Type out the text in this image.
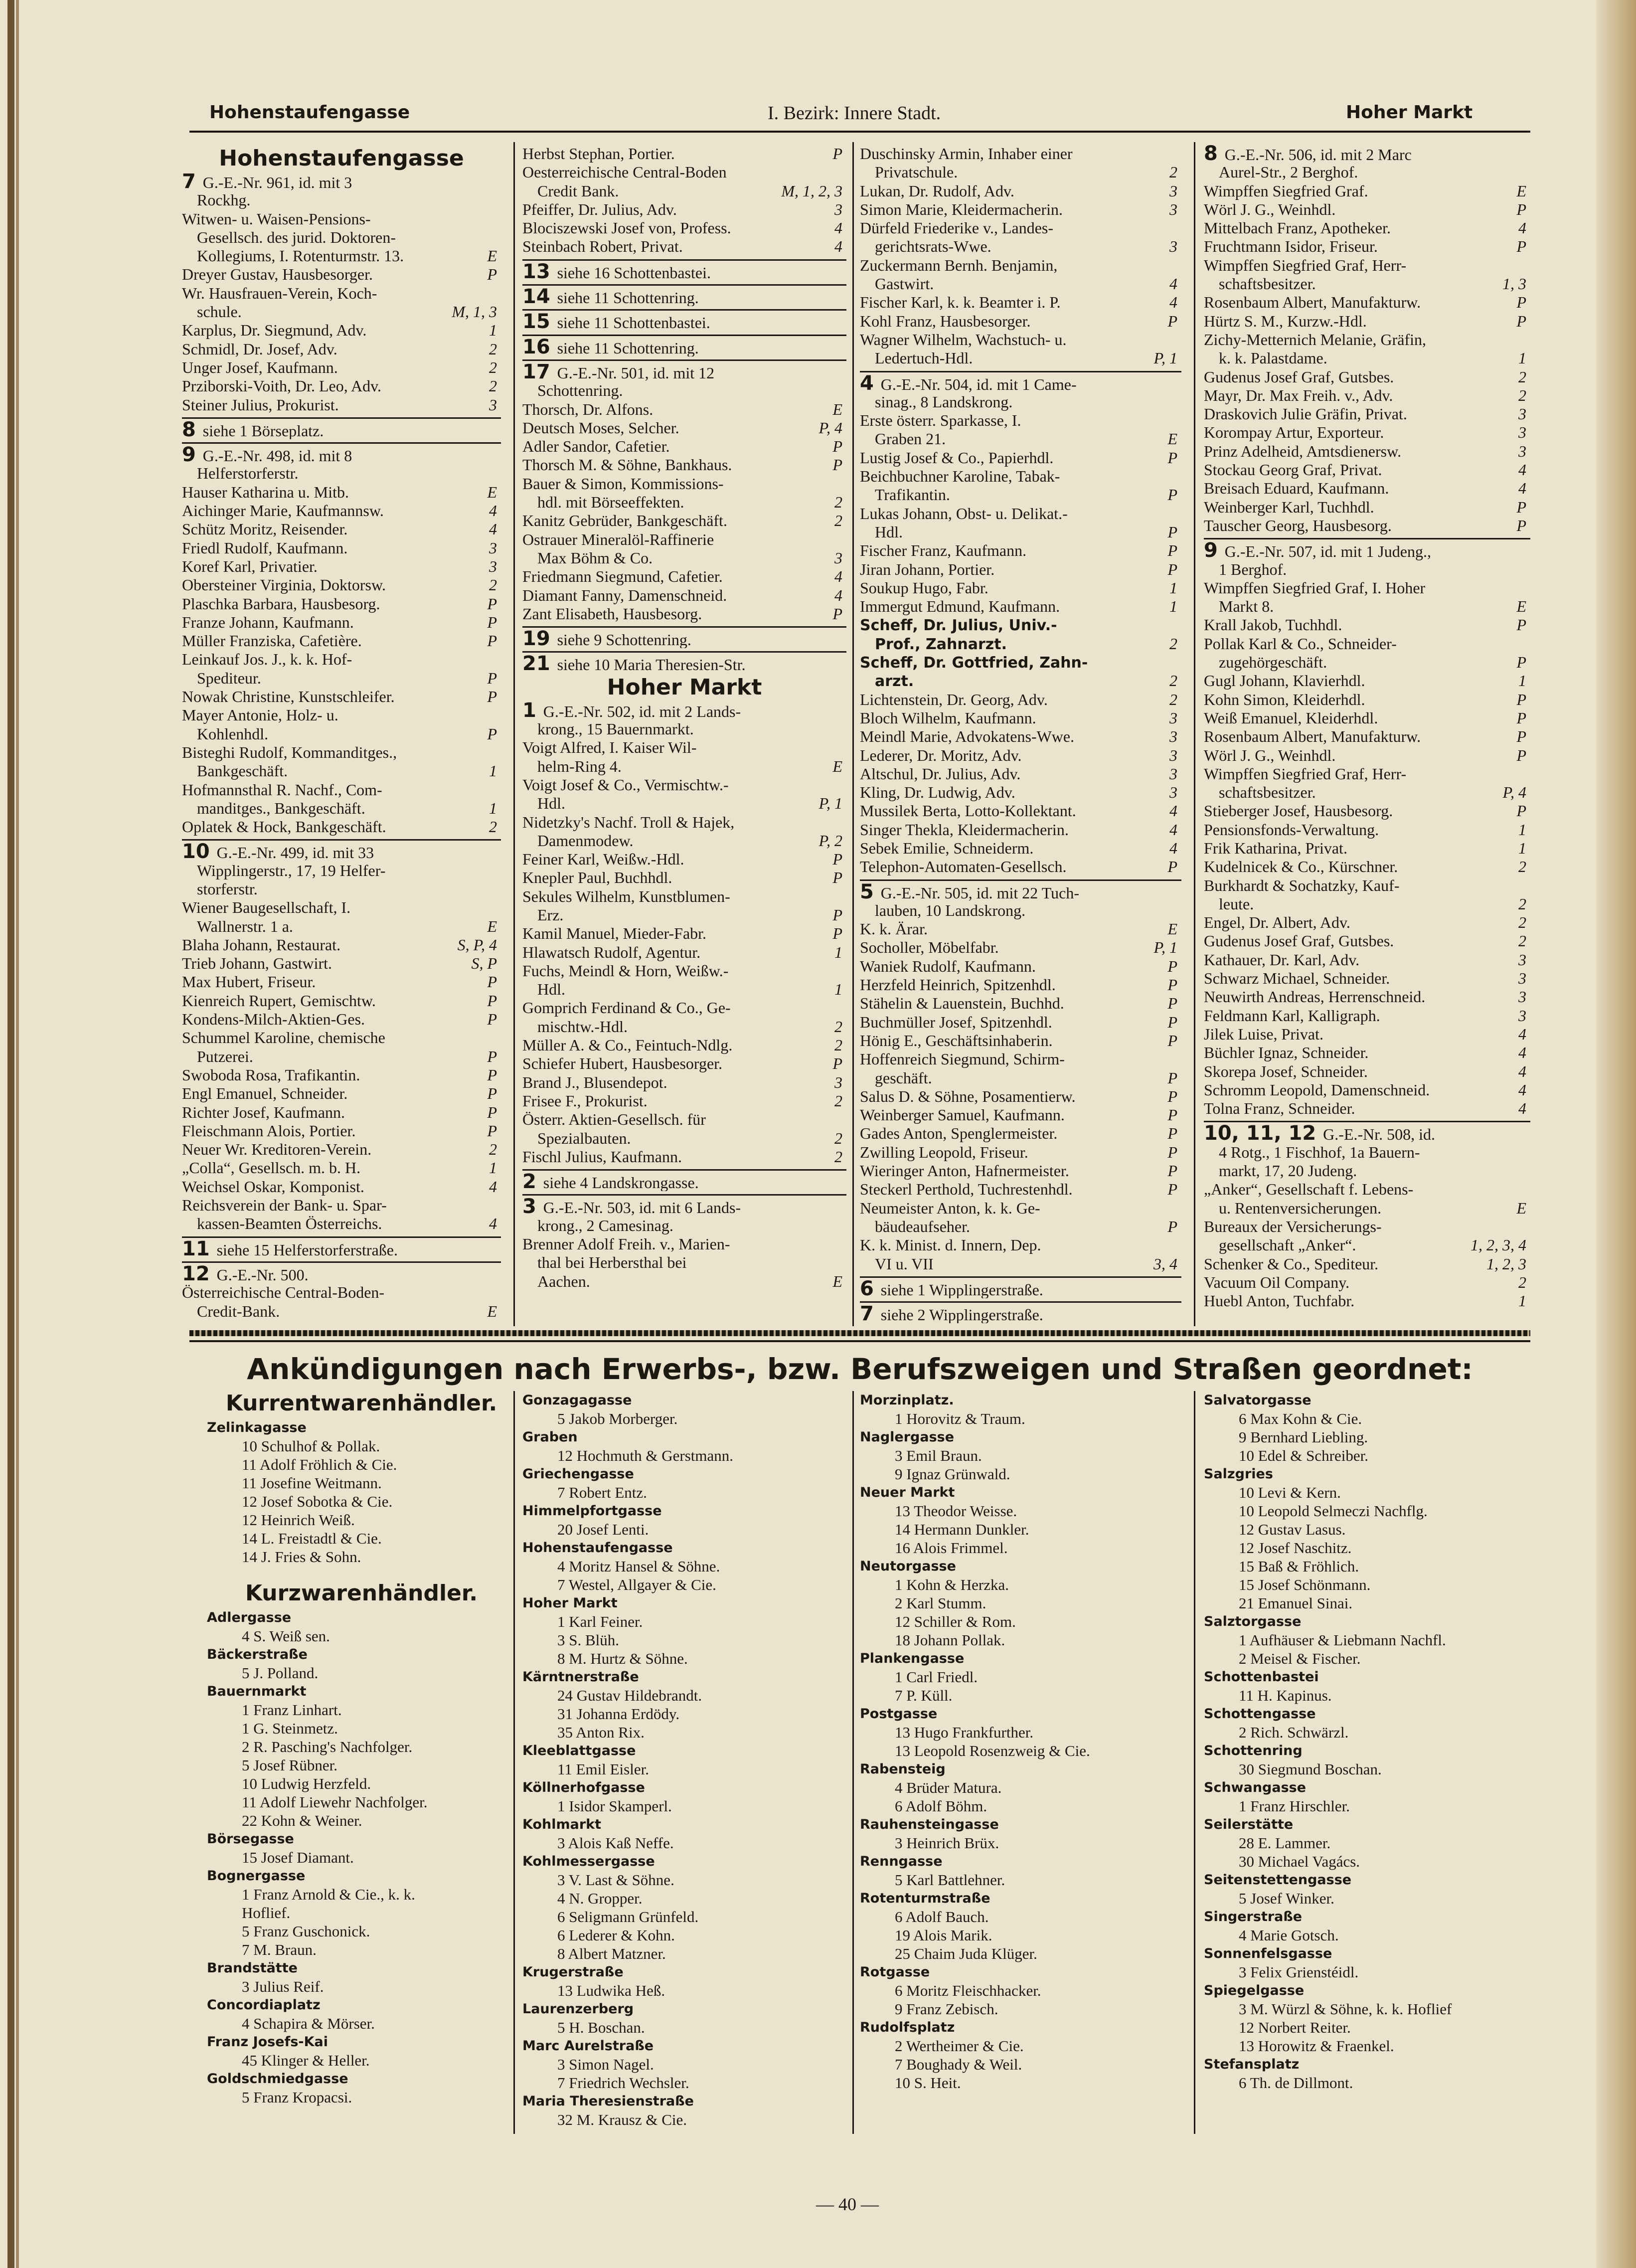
Hohenstaufengasse	I. Bezirk: Innere Stadt.	Hoher Markt
Hohenstaufengasse
7 G.-E.-Nr. 961, id. mit 3
Rockhg.
Witwen- u. Waisen-Pensions-
Gesellsch. des jurid. Doktoren-
Kollegiums, I. Rotenturmstr. 13.	E
Dreyer Gustav, Hausbesorger.	P
Wr. Hausfrauen-Verein, Koch-
schule.	M, 1, 3
Karplus, Dr. Siegmund, Adv.	1
Schmidl, Dr. Josef, Adv.	2
Unger Josef, Kaufmann.	2
Prziborski-Voith, Dr. Leo, Adv.	2
Steiner Julius, Prokurist.	3
8 siehe 1 Börseplatz.
9 G.-E.-Nr. 498, id. mit 8
Helferstorferstr.
Hauser Katharina u. Mitb.	E
Aichinger Marie, Kaufmannsw.	4
Schütz Moritz, Reisender.	4
Friedl Rudolf, Kaufmann.	3
Koref Karl, Privatier.	3
Obersteiner Virginia, Doktorsw.	2
Plaschka Barbara, Hausbesorg.	P
Franze Johann, Kaufmann.	P
Müller Franziska, Cafetière.	P
Leinkauf Jos. J., k. k. Hof-
Spediteur.	P
Nowak Christine, Kunstschleifer.	P
Mayer Antonie, Holz- u.
Kohlenhdl.	P
Bisteghi Rudolf, Kommanditges.,
Bankgeschäft.	1
Hofmannsthal R. Nachf., Com-
manditges., Bankgeschäft.	1
Oplatek & Hock, Bankgeschäft.	2
10 G.-E.-Nr. 499, id. mit 33
Wipplingerstr., 17, 19 Helfer-
storferstr.
Wiener Baugesellschaft, I.
Wallnerstr. 1 a.	E
Blaha Johann, Restaurat.	S, P, 4
Trieb Johann, Gastwirt.	S, P
Max Hubert, Friseur.	P
Kienreich Rupert, Gemischtw.	P
Kondens-Milch-Aktien-Ges.	P
Schummel Karoline, chemische
Putzerei.	P
Swoboda Rosa, Trafikantin.	P
Engl Emanuel, Schneider.	P
Richter Josef, Kaufmann.	P
Fleischmann Alois, Portier.	P
Neuer Wr. Kreditoren-Verein.	2
„Colla“, Gesellsch. m. b. H.	1
Weichsel Oskar, Komponist.	4
Reichsverein der Bank- u. Spar-
kassen-Beamten Österreichs.	4
11 siehe 15 Helferstorferstraße.
12 G.-E.-Nr. 500.
Österreichische Central-Boden-
Credit-Bank.	E
Herbst Stephan, Portier.	P
Oesterreichische Central-Boden
Credit Bank.	M, 1, 2, 3
Pfeiffer, Dr. Julius, Adv.	3
Blociszewski Josef von, Profess.	4
Steinbach Robert, Privat.	4
13 siehe 16 Schottenbastei.
14 siehe 11 Schottenring.
15 siehe 11 Schottenbastei.
16 siehe 11 Schottenring.
17 G.-E.-Nr. 501, id. mit 12
Schottenring.
Thorsch, Dr. Alfons.	E
Deutsch Moses, Selcher.	P, 4
Adler Sandor, Cafetier.	P
Thorsch M. & Söhne, Bankhaus.	P
Bauer & Simon, Kommissions-
hdl. mit Börseeffekten.	2
Kanitz Gebrüder, Bankgeschäft.	2
Ostrauer Mineralöl-Raffinerie
Max Böhm & Co.	3
Friedmann Siegmund, Cafetier.	4
Diamant Fanny, Damenschneid.	4
Zant Elisabeth, Hausbesorg.	P
19 siehe 9 Schottenring.
21 siehe 10 Maria Theresien-Str.
Hoher Markt
1 G.-E.-Nr. 502, id. mit 2 Lands-
krong., 15 Bauernmarkt.
Voigt Alfred, I. Kaiser Wil-
helm-Ring 4.	E
Voigt Josef & Co., Vermischtw.-
Hdl.	P, 1
Nidetzky's Nachf. Troll & Hajek,
Damenmodew.	P, 2
Feiner Karl, Weißw.-Hdl.	P
Knepler Paul, Buchhdl.	P
Sekules Wilhelm, Kunstblumen-
Erz.	P
Kamil Manuel, Mieder-Fabr.	P
Hlawatsch Rudolf, Agentur.	1
Fuchs, Meindl & Horn, Weißw.-
Hdl.	1
Gomprich Ferdinand & Co., Ge-
mischtw.-Hdl.	2
Müller A. & Co., Feintuch-Ndlg.	2
Schiefer Hubert, Hausbesorger.	P
Brand J., Blusendepot.	3
Frisee F., Prokurist.	2
Österr. Aktien-Gesellsch. für
Spezialbauten.	2
Fischl Julius, Kaufmann.	2
2 siehe 4 Landskrongasse.
3 G.-E.-Nr. 503, id. mit 6 Lands-
krong., 2 Camesinag.
Brenner Adolf Freih. v., Marien-
thal bei Herbersthal bei
Aachen.	E
Duschinsky Armin, Inhaber einer
Privatschule.	2
Lukan, Dr. Rudolf, Adv.	3
Simon Marie, Kleidermacherin.	3
Dürfeld Friederike v., Landes-
gerichtsrats-Wwe.	3
Zuckermann Bernh. Benjamin,
Gastwirt.	4
Fischer Karl, k. k. Beamter i. P.	4
Kohl Franz, Hausbesorger.	P
Wagner Wilhelm, Wachstuch- u.
Ledertuch-Hdl.	P, 1
4 G.-E.-Nr. 504, id. mit 1 Came-
sinag., 8 Landskrong.
Erste österr. Sparkasse, I.
Graben 21.	E
Lustig Josef & Co., Papierhdl.	P
Beichbuchner Karoline, Tabak-
Trafikantin.	P
Lukas Johann, Obst- u. Delikat.-
Hdl.	P
Fischer Franz, Kaufmann.	P
Jiran Johann, Portier.	P
Soukup Hugo, Fabr.	1
Immergut Edmund, Kaufmann.	1
Scheff, Dr. Julius, Univ.-
Prof., Zahnarzt.	2
Scheff, Dr. Gottfried, Zahn-
arzt.	2
Lichtenstein, Dr. Georg, Adv.	2
Bloch Wilhelm, Kaufmann.	3
Meindl Marie, Advokatens-Wwe.	3
Lederer, Dr. Moritz, Adv.	3
Altschul, Dr. Julius, Adv.	3
Kling, Dr. Ludwig, Adv.	3
Mussilek Berta, Lotto-Kollektant.	4
Singer Thekla, Kleidermacherin.	4
Sebek Emilie, Schneiderm.	4
Telephon-Automaten-Gesellsch.	P
5 G.-E.-Nr. 505, id. mit 22 Tuch-
lauben, 10 Landskrong.
K. k. Ärar.	E
Socholler, Möbelfabr.	P, 1
Waniek Rudolf, Kaufmann.	P
Herzfeld Heinrich, Spitzenhdl.	P
Stähelin & Lauenstein, Buchhd.	P
Buchmüller Josef, Spitzenhdl.	P
Hönig E., Geschäftsinhaberin.	P
Hoffenreich Siegmund, Schirm-
geschäft.	P
Salus D. & Söhne, Posamentierw.	P
Weinberger Samuel, Kaufmann.	P
Gades Anton, Spenglermeister.	P
Zwilling Leopold, Friseur.	P
Wieringer Anton, Hafnermeister.	P
Steckerl Perthold, Tuchrestenhdl.	P
Neumeister Anton, k. k. Ge-
bäudeaufseher.	P
K. k. Minist. d. Innern, Dep.
VI u. VII	3, 4
6 siehe 1 Wipplingerstraße.
7 siehe 2 Wipplingerstraße.
8 G.-E.-Nr. 506, id. mit 2 Marc
Aurel-Str., 2 Berghof.
Wimpffen Siegfried Graf.	E
Wörl J. G., Weinhdl.	P
Mittelbach Franz, Apotheker.	4
Fruchtmann Isidor, Friseur.	P
Wimpffen Siegfried Graf, Herr-
schaftsbesitzer.	1, 3
Rosenbaum Albert, Manufakturw.	P
Hürtz S. M., Kurzw.-Hdl.	P
Zichy-Metternich Melanie, Gräfin,
k. k. Palastdame.	1
Gudenus Josef Graf, Gutsbes.	2
Mayr, Dr. Max Freih. v., Adv.	2
Draskovich Julie Gräfin, Privat.	3
Korompay Artur, Exporteur.	3
Prinz Adelheid, Amtsdienersw.	3
Stockau Georg Graf, Privat.	4
Breisach Eduard, Kaufmann.	4
Weinberger Karl, Tuchhdl.	P
Tauscher Georg, Hausbesorg.	P
9 G.-E.-Nr. 507, id. mit 1 Judeng.,
1 Berghof.
Wimpffen Siegfried Graf, I. Hoher
Markt 8.	E
Krall Jakob, Tuchhdl.	P
Pollak Karl & Co., Schneider-
zugehörgeschäft.	P
Gugl Johann, Klavierhdl.	1
Kohn Simon, Kleiderhdl.	P
Weiß Emanuel, Kleiderhdl.	P
Rosenbaum Albert, Manufakturw.	P
Wörl J. G., Weinhdl.	P
Wimpffen Siegfried Graf, Herr-
schaftsbesitzer.	P, 4
Stieberger Josef, Hausbesorg.	P
Pensionsfonds-Verwaltung.	1
Frik Katharina, Privat.	1
Kudelnicek & Co., Kürschner.	2
Burkhardt & Sochatzky, Kauf-
leute.	2
Engel, Dr. Albert, Adv.	2
Gudenus Josef Graf, Gutsbes.	2
Kathauer, Dr. Karl, Adv.	3
Schwarz Michael, Schneider.	3
Neuwirth Andreas, Herrenschneid.	3
Feldmann Karl, Kalligraph.	3
Jilek Luise, Privat.	4
Büchler Ignaz, Schneider.	4
Skorepa Josef, Schneider.	4
Schromm Leopold, Damenschneid.	4
Tolna Franz, Schneider.	4
10, 11, 12 G.-E.-Nr. 508, id.
4 Rotg., 1 Fischhof, 1a Bauern-
markt, 17, 20 Judeng.
„Anker“, Gesellschaft f. Lebens-
u. Rentenversicherungen.	E
Bureaux der Versicherungs-
gesellschaft „Anker“.	1, 2, 3, 4
Schenker & Co., Spediteur.	1, 2, 3
Vacuum Oil Company.	2
Huebl Anton, Tuchfabr.	1
Ankündigungen nach Erwerbs-, bzw. Berufszweigen und Straßen geordnet:
Kurrentwarenhändler.
Zelinkagasse
10 Schulhof & Pollak.
11 Adolf Fröhlich & Cie.
11 Josefine Weitmann.
12 Josef Sobotka & Cie.
12 Heinrich Weiß.
14 L. Freistadtl & Cie.
14 J. Fries & Sohn.
Kurzwarenhändler.
Adlergasse
4 S. Weiß sen.
Bäckerstraße
5 J. Polland.
Bauernmarkt
1 Franz Linhart.
1 G. Steinmetz.
2 R. Pasching's Nachfolger.
5 Josef Rübner.
10 Ludwig Herzfeld.
11 Adolf Liewehr Nachfolger.
22 Kohn & Weiner.
Börsegasse
15 Josef Diamant.
Bognergasse
1 Franz Arnold & Cie., k. k.
Hoflief.
5 Franz Guschonick.
7 M. Braun.
Brandstätte
3 Julius Reif.
Concordiaplatz
4 Schapira & Mörser.
Franz Josefs-Kai
45 Klinger & Heller.
Goldschmiedgasse
5 Franz Kropacsi.
Gonzagagasse
5 Jakob Morberger.
Graben
12 Hochmuth & Gerstmann.
Griechengasse
7 Robert Entz.
Himmelpfortgasse
20 Josef Lenti.
Hohenstaufengasse
4 Moritz Hansel & Söhne.
7 Westel, Allgayer & Cie.
Hoher Markt
1 Karl Feiner.
3 S. Blüh.
8 M. Hurtz & Söhne.
Kärntnerstraße
24 Gustav Hildebrandt.
31 Johanna Erdödy.
35 Anton Rix.
Kleeblattgasse
11 Emil Eisler.
Köllnerhofgasse
1 Isidor Skamperl.
Kohlmarkt
3 Alois Kaß Neffe.
Kohlmessergasse
3 V. Last & Söhne.
4 N. Gropper.
6 Seligmann Grünfeld.
6 Lederer & Kohn.
8 Albert Matzner.
Krugerstraße
13 Ludwika Heß.
Laurenzerberg
5 H. Boschan.
Marc Aurelstraße
3 Simon Nagel.
7 Friedrich Wechsler.
Maria Theresienstraße
32 M. Krausz & Cie.
Morzinplatz.
1 Horovitz & Traum.
Naglergasse
3 Emil Braun.
9 Ignaz Grünwald.
Neuer Markt
13 Theodor Weisse.
14 Hermann Dunkler.
16 Alois Frimmel.
Neutorgasse
1 Kohn & Herzka.
2 Karl Stumm.
12 Schiller & Rom.
18 Johann Pollak.
Plankengasse
1 Carl Friedl.
7 P. Küll.
Postgasse
13 Hugo Frankfurther.
13 Leopold Rosenzweig & Cie.
Rabensteig
4 Brüder Matura.
6 Adolf Böhm.
Rauhensteingasse
3 Heinrich Brüx.
Renngasse
5 Karl Battlehner.
Rotenturmstraße
6 Adolf Bauch.
19 Alois Marik.
25 Chaim Juda Klüger.
Rotgasse
6 Moritz Fleischhacker.
9 Franz Zebisch.
Rudolfsplatz
2 Wertheimer & Cie.
7 Boughady & Weil.
10 S. Heit.
Salvatorgasse
6 Max Kohn & Cie.
9 Bernhard Liebling.
10 Edel & Schreiber.
Salzgries
10 Levi & Kern.
10 Leopold Selmeczi Nachflg.
12 Gustav Lasus.
12 Josef Naschitz.
15 Baß & Fröhlich.
15 Josef Schönmann.
21 Emanuel Sinai.
Salztorgasse
1 Aufhäuser & Liebmann Nachfl.
2 Meisel & Fischer.
Schottenbastei
11 H. Kapinus.
Schottengasse
2 Rich. Schwärzl.
Schottenring
30 Siegmund Boschan.
Schwangasse
1 Franz Hirschler.
Seilerstätte
28 E. Lammer.
30 Michael Vagács.
Seitenstettengasse
5 Josef Winker.
Singerstraße
4 Marie Gotsch.
Sonnenfelsgasse
3 Felix Grienstéidl.
Spiegelgasse
3 M. Würzl & Söhne, k. k. Hoflief
12 Norbert Reiter.
13 Horowitz & Fraenkel.
Stefansplatz
6 Th. de Dillmont.
— 40 —
